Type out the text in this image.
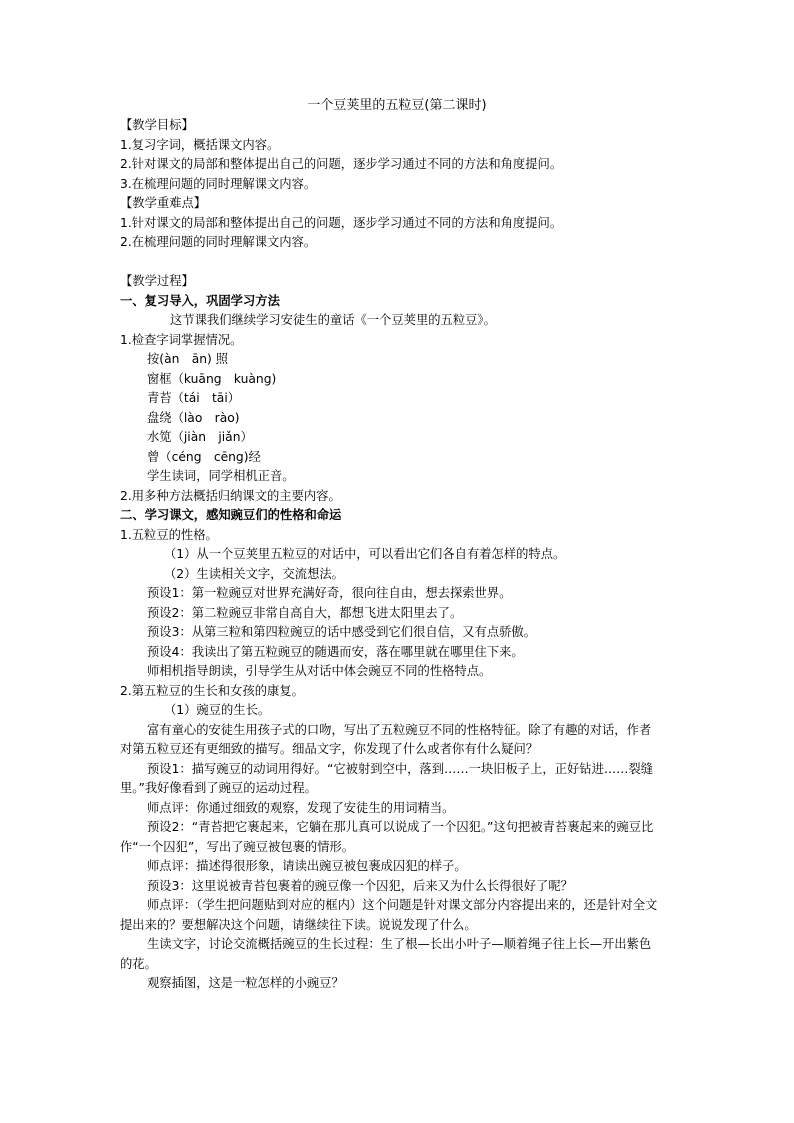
一个豆荚里的五粒豆(第二课时)
【教学目标】
1.复习字词，概括课文内容。
2.针对课文的局部和整体提出自己的问题，逐步学习通过不同的方法和角度提问。
3.在梳理问题的同时理解课文内容。
【教学重难点】
1.针对课文的局部和整体提出自己的问题，逐步学习通过不同的方法和角度提问。
2.在梳理问题的同时理解课文内容。
【教学过程】
一、复习导入，巩固学习方法
这节课我们继续学习安徒生的童话《一个豆荚里的五粒豆》。
1.检查字词掌握情况。
按(àn　ān) 照
窗框（kuāng　kuàng)
青苔（tái　tāi）
盘绕（lào　rào)
水笕（jiàn　jiǎn）
曾（céng　cēng)经
学生读词，同学相机正音。
2.用多种方法概括归纳课文的主要内容。
二、学习课文，感知豌豆们的性格和命运
1.五粒豆的性格。
（1）从一个豆荚里五粒豆的对话中，可以看出它们各自有着怎样的特点。
（2）生读相关文字，交流想法。
预设1：第一粒豌豆对世界充满好奇，很向往自由，想去探索世界。
预设2：第二粒豌豆非常自高自大，都想飞进太阳里去了。
预设3：从第三粒和第四粒豌豆的话中感受到它们很自信，又有点骄傲。
预设4：我读出了第五粒豌豆的随遇而安，落在哪里就在哪里住下来。
师相机指导朗读，引导学生从对话中体会豌豆不同的性格特点。
2.第五粒豆的生长和女孩的康复。
（1）豌豆的生长。
富有童心的安徒生用孩子式的口吻，写出了五粒豌豆不同的性格特征。除了有趣的对话，作者对第五粒豆还有更细致的描写。细品文字，你发现了什么或者你有什么疑问？
预设1：描写豌豆的动词用得好。“它被射到空中，落到……一块旧板子上，正好钻进……裂缝里。”我好像看到了豌豆的运动过程。
师点评：你通过细致的观察，发现了安徒生的用词精当。
预设2：“青苔把它裹起来，它躺在那儿真可以说成了一个囚犯。”这句把被青苔裹起来的豌豆比作“一个囚犯”，写出了豌豆被包裹的情形。
师点评：描述得很形象，请读出豌豆被包裹成囚犯的样子。
预设3：这里说被青苔包裹着的豌豆像一个囚犯，后来又为什么长得很好了呢？
师点评：（学生把问题贴到对应的框内）这个问题是针对课文部分内容提出来的，还是针对全文提出来的？要想解决这个问题，请继续往下读。说说发现了什么。
生读文字，讨论交流概括豌豆的生长过程：生了根—长出小叶子—顺着绳子往上长—开出紫色的花。
观察插图，这是一粒怎样的小豌豆？
